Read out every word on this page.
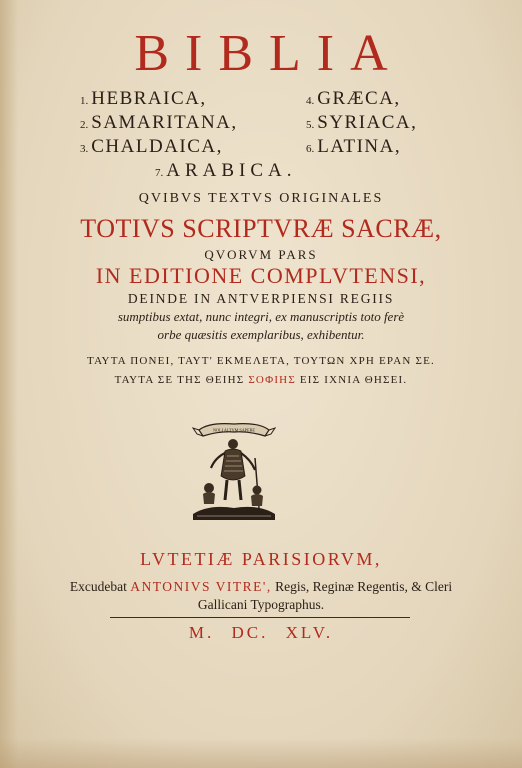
BIBLIA
1. HEBRAICA,
2. SAMARITANA,
3. CHALDAICA,
4. GRÆCA,
5. SYRIACA,
6. LATINA,
7. ARABICA.
QVIBVS TEXTVS ORIGINALES
TOTIVS SCRIPTVRÆ SACRÆ,
QVORVM PARS
IN EDITIONE COMPLVTENSI,
DEINDE IN ANTVERPIENSI REGIIS
sumptibus extat, nunc integri, ex manuscriptis toto ferè
orbe quæsitis exemplaribus, exhibentur.
ΤΑΥΤΑ ΠΟΝΕΙ, ΤΑΥΤ' ΕΚΜΕΛΕΤΑ, ΤΟΥΤΩΝ ΧΡΗ ΕΡΑΝ ΣΕ.
ΤΑΥΤΑ ΣΕ ΤΗΣ ΘΕΙΗΣ ΣΟΦΙΗΣ ΕΙΣ ΙΧΝΙΑ ΘΗΣΕΙ.
NOLI ALTVM SAPERE
LVTETIÆ PARISIORVM,
Excudebat ANTONIVS VITRE', Regis, Reginæ Regentis, & Cleri
Gallicani Typographus.
M. DC. XLV.
